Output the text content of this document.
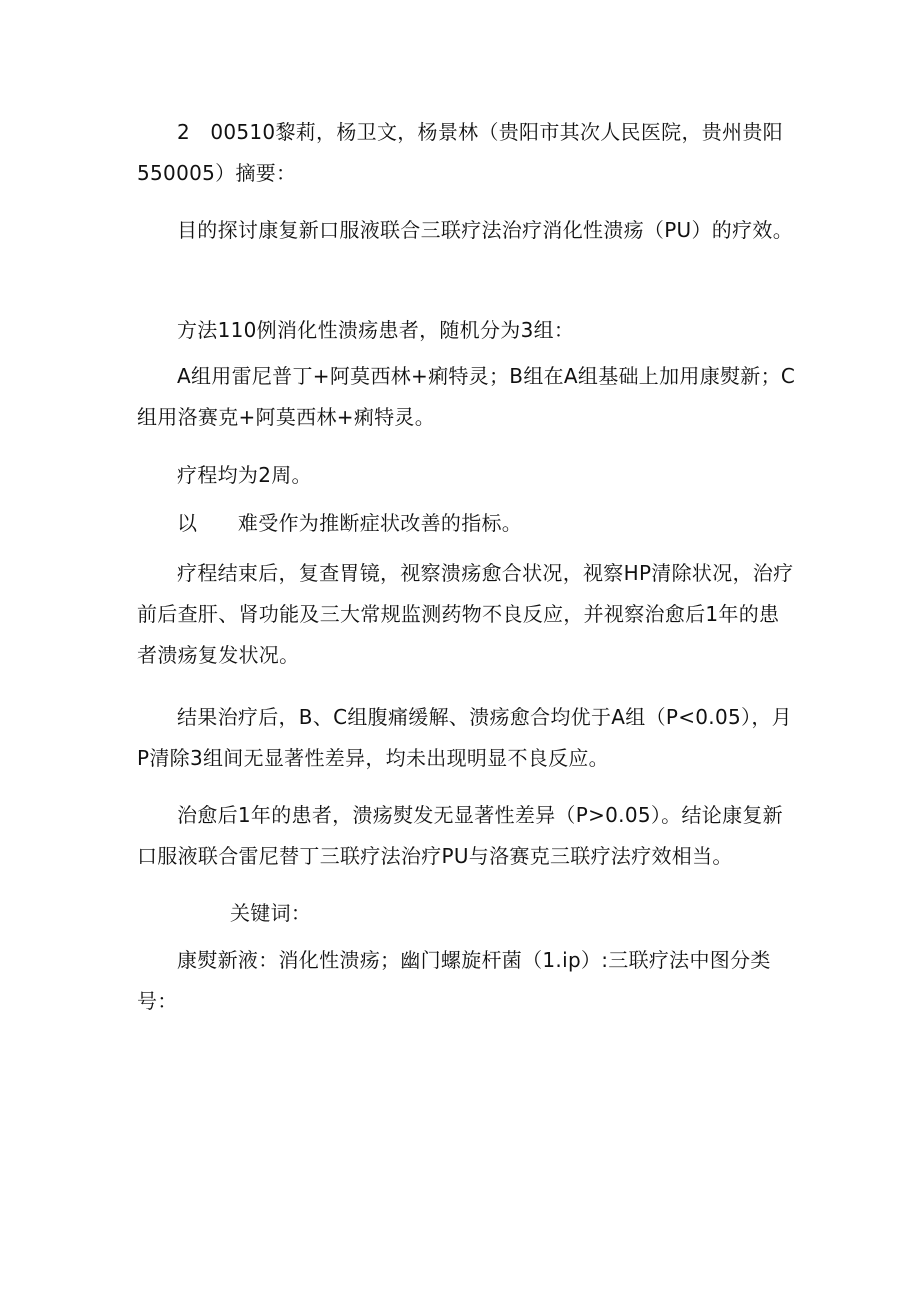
2　00510黎莉，杨卫文，杨景林（贵阳市其次人民医院，贵州贵阳550005）摘要：

目的探讨康复新口服液联合三联疗法治疗消化性溃疡（PU）的疗效。

方法110例消化性溃疡患者，随机分为3组：

A组用雷尼普丁+阿莫西林+痢特灵；B组在A组基础上加用康熨新；C组用洛赛克+阿莫西林+痢特灵。

疗程均为2周。

以　　难受作为推断症状改善的指标。

疗程结束后，复查胃镜，视察溃疡愈合状况，视察HP清除状况，治疗前后查肝、肾功能及三大常规监测药物不良反应，并视察治愈后1年的患者溃疡复发状况。

结果治疗后，B、C组腹痛缓解、溃疡愈合均优于A组（P<0.05），月P清除3组间无显著性差异，均未出现明显不良反应。

治愈后1年的患者，溃疡熨发无显著性差异（P>0.05）。结论康复新口服液联合雷尼替丁三联疗法治疗PU与洛赛克三联疗法疗效相当。

关键词：

康熨新液：消化性溃疡；幽门螺旋杆菌（1.ip）:三联疗法中图分类号：
